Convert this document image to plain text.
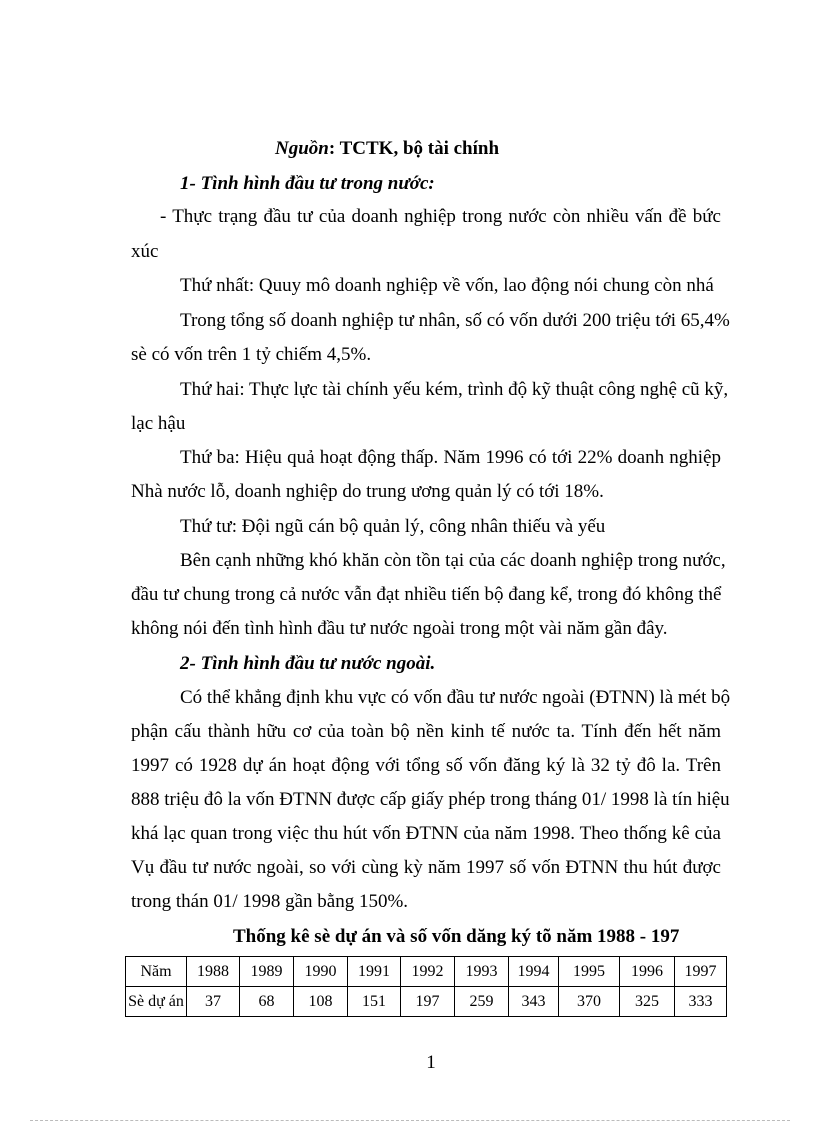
Nguồn: TCTK, bộ tài chính
1- Tình hình đầu tư trong nước:
- Thực trạng đầu tư của doanh nghiệp trong nước còn nhiều vấn đề bức
xúc
Thứ nhất: Quuy mô doanh nghiệp về vốn, lao động nói chung còn nhá
Trong tổng số doanh nghiệp tư nhân, số có vốn dưới 200 triệu tới 65,4%
sè có vốn trên 1 tỷ chiếm 4,5%.
Thứ hai: Thực lực tài chính yếu kém, trình độ kỹ thuật công nghệ cũ kỹ,
lạc hậu
Thứ ba: Hiệu quả hoạt động thấp. Năm 1996 có tới 22% doanh nghiệp
Nhà nước lỗ, doanh nghiệp do trung ương quản lý có tới 18%.
Thứ tư: Đội ngũ cán bộ quản lý, công nhân thiếu và yếu
Bên cạnh những khó khăn còn tồn tại của các doanh nghiệp trong nước,
đầu tư chung trong cả nước vẫn đạt nhiều tiến bộ đang kể, trong đó không thể
không nói đến tình hình đầu tư nước ngoài trong một vài năm gần đây.
2- Tình hình đầu tư nước ngoài.
Có thể khẳng định khu vực có vốn đầu tư nước ngoài (ĐTNN) là mét bộ
phận cấu thành hữu cơ của toàn bộ nền kinh tế nước ta. Tính đến hết năm
1997 có 1928 dự án hoạt động với tổng số vốn đăng ký là 32 tỷ đô la. Trên
888 triệu đô la vốn ĐTNN được cấp giấy phép trong tháng 01/ 1998 là tín hiệu
khá lạc quan trong việc thu hút vốn ĐTNN của năm 1998. Theo thống kê của
Vụ đầu tư nước ngoài, so với cùng kỳ năm 1997 số vốn ĐTNN thu hút được
trong thán 01/ 1998 gần bằng 150%.
Thống kê sè dự án và số vốn dăng ký tõ năm 1988 - 197
Năm	1988	1989	1990	1991	1992	1993	1994	1995	1996	1997
Sè dự án	37	68	108	151	197	259	343	370	325	333
1
